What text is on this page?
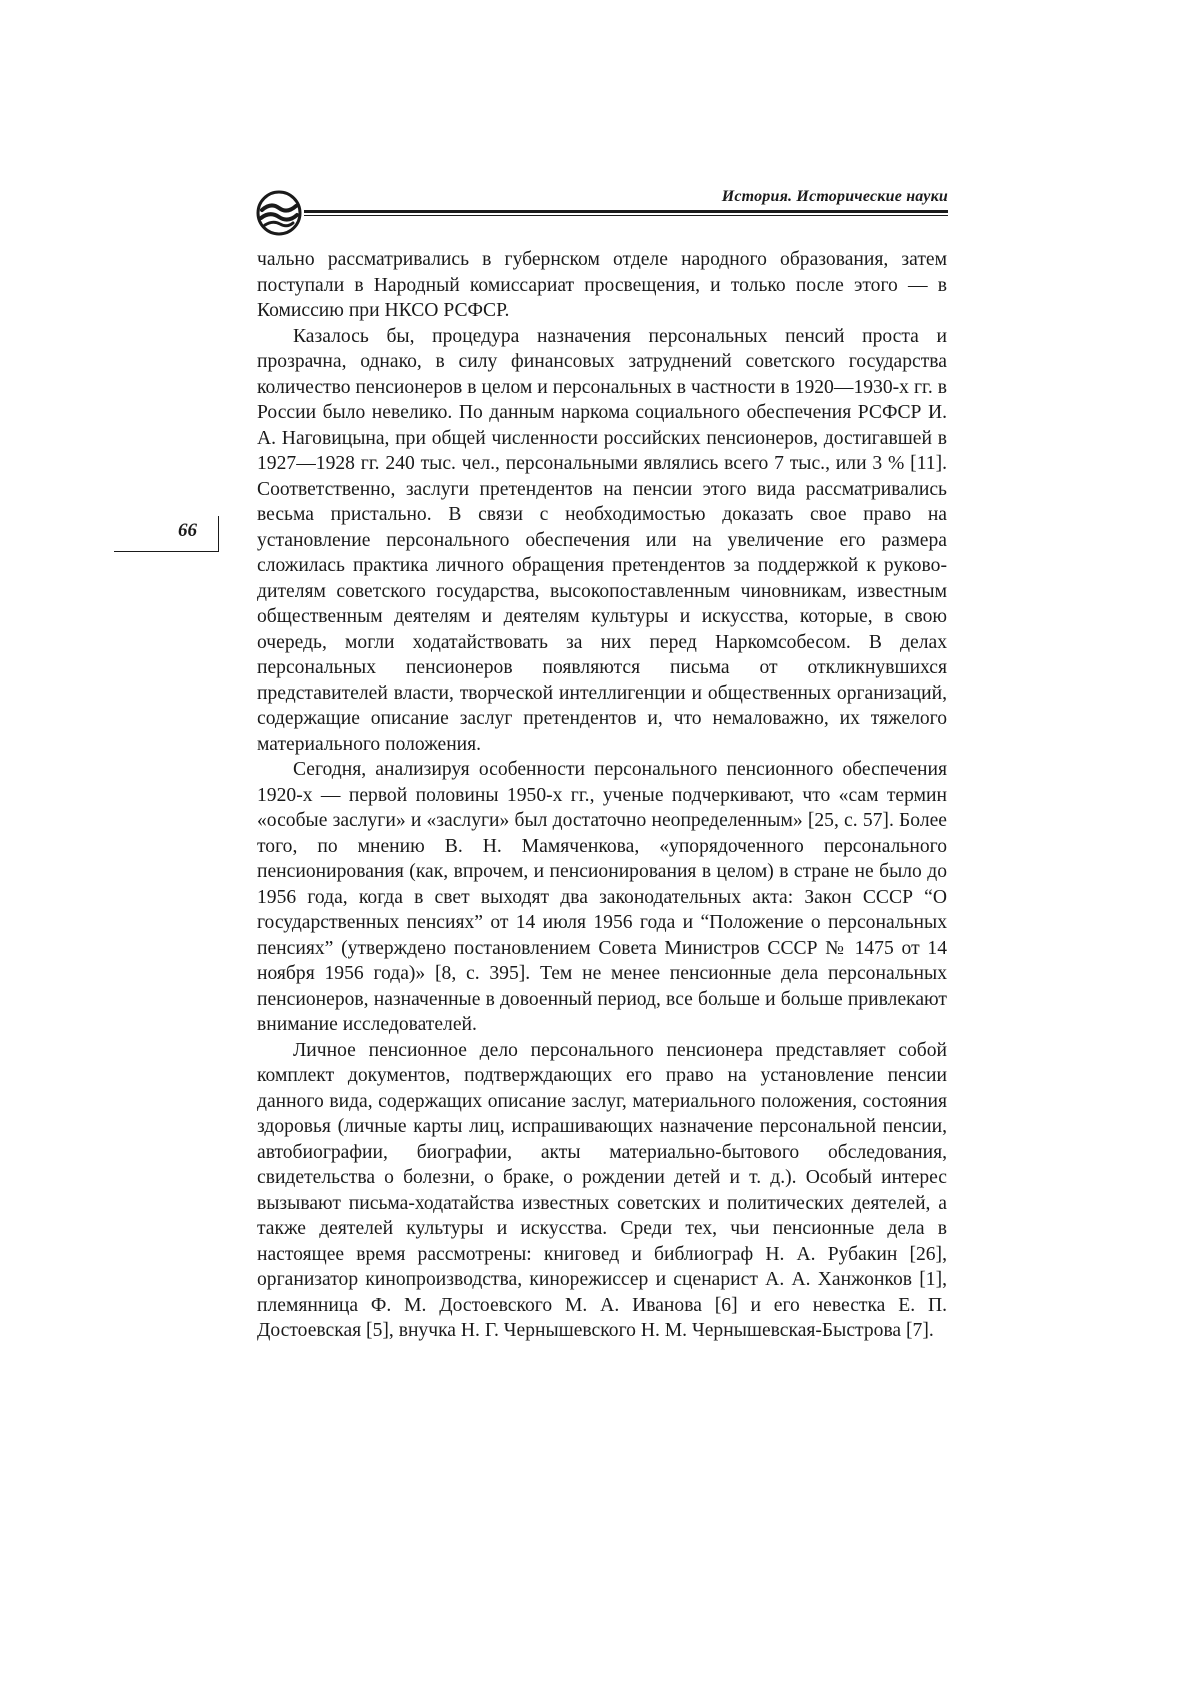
История. Исторические науки
66

чально рассматривались в губернском отделе народного образования, затем поступали в Народный комиссариат просвещения, и только после этого — в Комиссию при НКСО РСФСР.

Казалось бы, процедура назначения персональных пенсий проста и прозрачна, однако, в силу финансовых затруднений советского государства количество пенсионеров в целом и персональных в частности в 1920—1930-х гг. в России было невелико. По данным наркома социального обеспечения РСФСР И. А. Наговицына, при общей численности российских пенсионеров, достигавшей в 1927—1928 гг. 240 тыс. чел., персональными являлись всего 7 тыс., или 3 % [11]. Соответственно, заслуги претендентов на пенсии этого вида рассматривались весьма пристально. В связи с необходимостью доказать свое право на установление персонального обеспечения или на увеличение его размера сложилась практика личного обращения претендентов за поддержкой к руководителям советского государства, высокопоставленным чиновникам, известным общественным деятелям и деятелям культуры и искусства, которые, в свою очередь, могли ходатайствовать за них перед Наркомсобесом. В делах персональных пенсионеров появляются письма от откликнувшихся представителей власти, творческой интеллигенции и общественных организаций, содержащие описание заслуг претендентов и, что немаловажно, их тяжелого материального положения.

Сегодня, анализируя особенности персонального пенсионного обеспечения 1920-х — первой половины 1950-х гг., ученые подчеркивают, что «сам термин «особые заслуги» и «заслуги» был достаточно неопределенным» [25, с. 57]. Более того, по мнению В. Н. Мамяченкова, «упорядоченного персонального пенсионирования (как, впрочем, и пенсионирования в целом) в стране не было до 1956 года, когда в свет выходят два законодательных акта: Закон СССР “О государственных пенсиях” от 14 июля 1956 года и “Положение о персональных пенсиях” (утверждено постановлением Совета Министров СССР № 1475 от 14 ноября 1956 года)» [8, с. 395]. Тем не менее пенсионные дела персональных пенсионеров, назначенные в довоенный период, все больше и больше привлекают внимание исследователей.

Личное пенсионное дело персонального пенсионера представляет собой комплект документов, подтверждающих его право на установление пенсии данного вида, содержащих описание заслуг, материального положения, состояния здоровья (личные карты лиц, испрашивающих назначение персональной пенсии, автобиографии, биографии, акты материально-бытового обследования, свидетельства о болезни, о браке, о рождении детей и т. д.). Особый интерес вызывают письма-ходатайства известных советских и политических деятелей, а также деятелей культуры и искусства. Среди тех, чьи пенсионные дела в настоящее время рассмотрены: книговед и библиограф Н. А. Рубакин [26], организатор кинопроизводства, кинорежиссер и сценарист А. А. Ханжонков [1], племянница Ф. М. Достоевского М. А. Иванова [6] и его невестка Е. П. Достоевская [5], внучка Н. Г. Чернышевского Н. М. Чернышевская-Быстрова [7].
